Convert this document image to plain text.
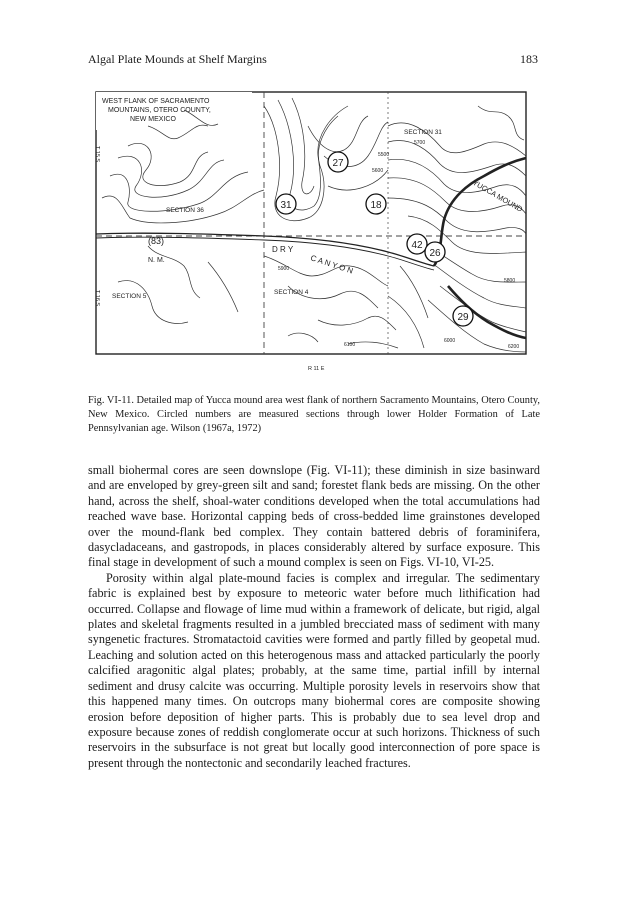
Algal Plate Mounds at Shelf Margins	183
WEST FLANK OF SACRAMENTO
MOUNTAINS, OTERO COUNTY,
NEW MEXICO
27
31	18
42
26
29
SECTION 31
SECTION 36
SECTION 5
SECTION 4
(83)
N. M.
D R Y
C A N Y O N
YUCCA MOUND
T 15 S
T 16 S
R 11 E
5500
5600
5700
5800
5900
6000
6100	6200
Fig. VI-11. Detailed map of Yucca mound area west flank of northern Sacramento Mountains, Otero County, New Mexico. Circled numbers are measured sections through lower Holder Formation of Late Pennsylvanian age. Wilson (1967a, 1972)

small biohermal cores are seen downslope (Fig. VI-11); these diminish in size basinward and are enveloped by grey-green silt and sand; forestet flank beds are missing. On the other hand, across the shelf, shoal-water conditions developed when the total accumulations had reached wave base. Horizontal capping beds of cross-bedded lime grainstones developed over the mound-flank bed complex. They contain battered debris of foraminifera, dasycladaceans, and gastropods, in places considerably altered by surface exposure. This final stage in development of such a mound complex is seen on Figs. VI-10, VI-25.

Porosity within algal plate-mound facies is complex and irregular. The sedimentary fabric is explained best by exposure to meteoric water before much lithification had occurred. Collapse and flowage of lime mud within a framework of delicate, but rigid, algal plates and skeletal fragments resulted in a jumbled brecciated mass of sediment with many syngenetic fractures. Stromatactoid cavities were formed and partly filled by geopetal mud. Leaching and solution acted on this heterogenous mass and attacked particularly the poorly calcified aragonitic algal plates; probably, at the same time, partial infill by internal sediment and drusy calcite was occurring. Multiple porosity levels in reservoirs show that this happened many times. On outcrops many biohermal cores are composite showing erosion before deposition of higher parts. This is probably due to sea level drop and exposure because zones of reddish conglomerate occur at such horizons. Thickness of such reservoirs in the subsurface is not great but locally good interconnection of pore space is present through the nontectonic and secondarily leached fractures.
